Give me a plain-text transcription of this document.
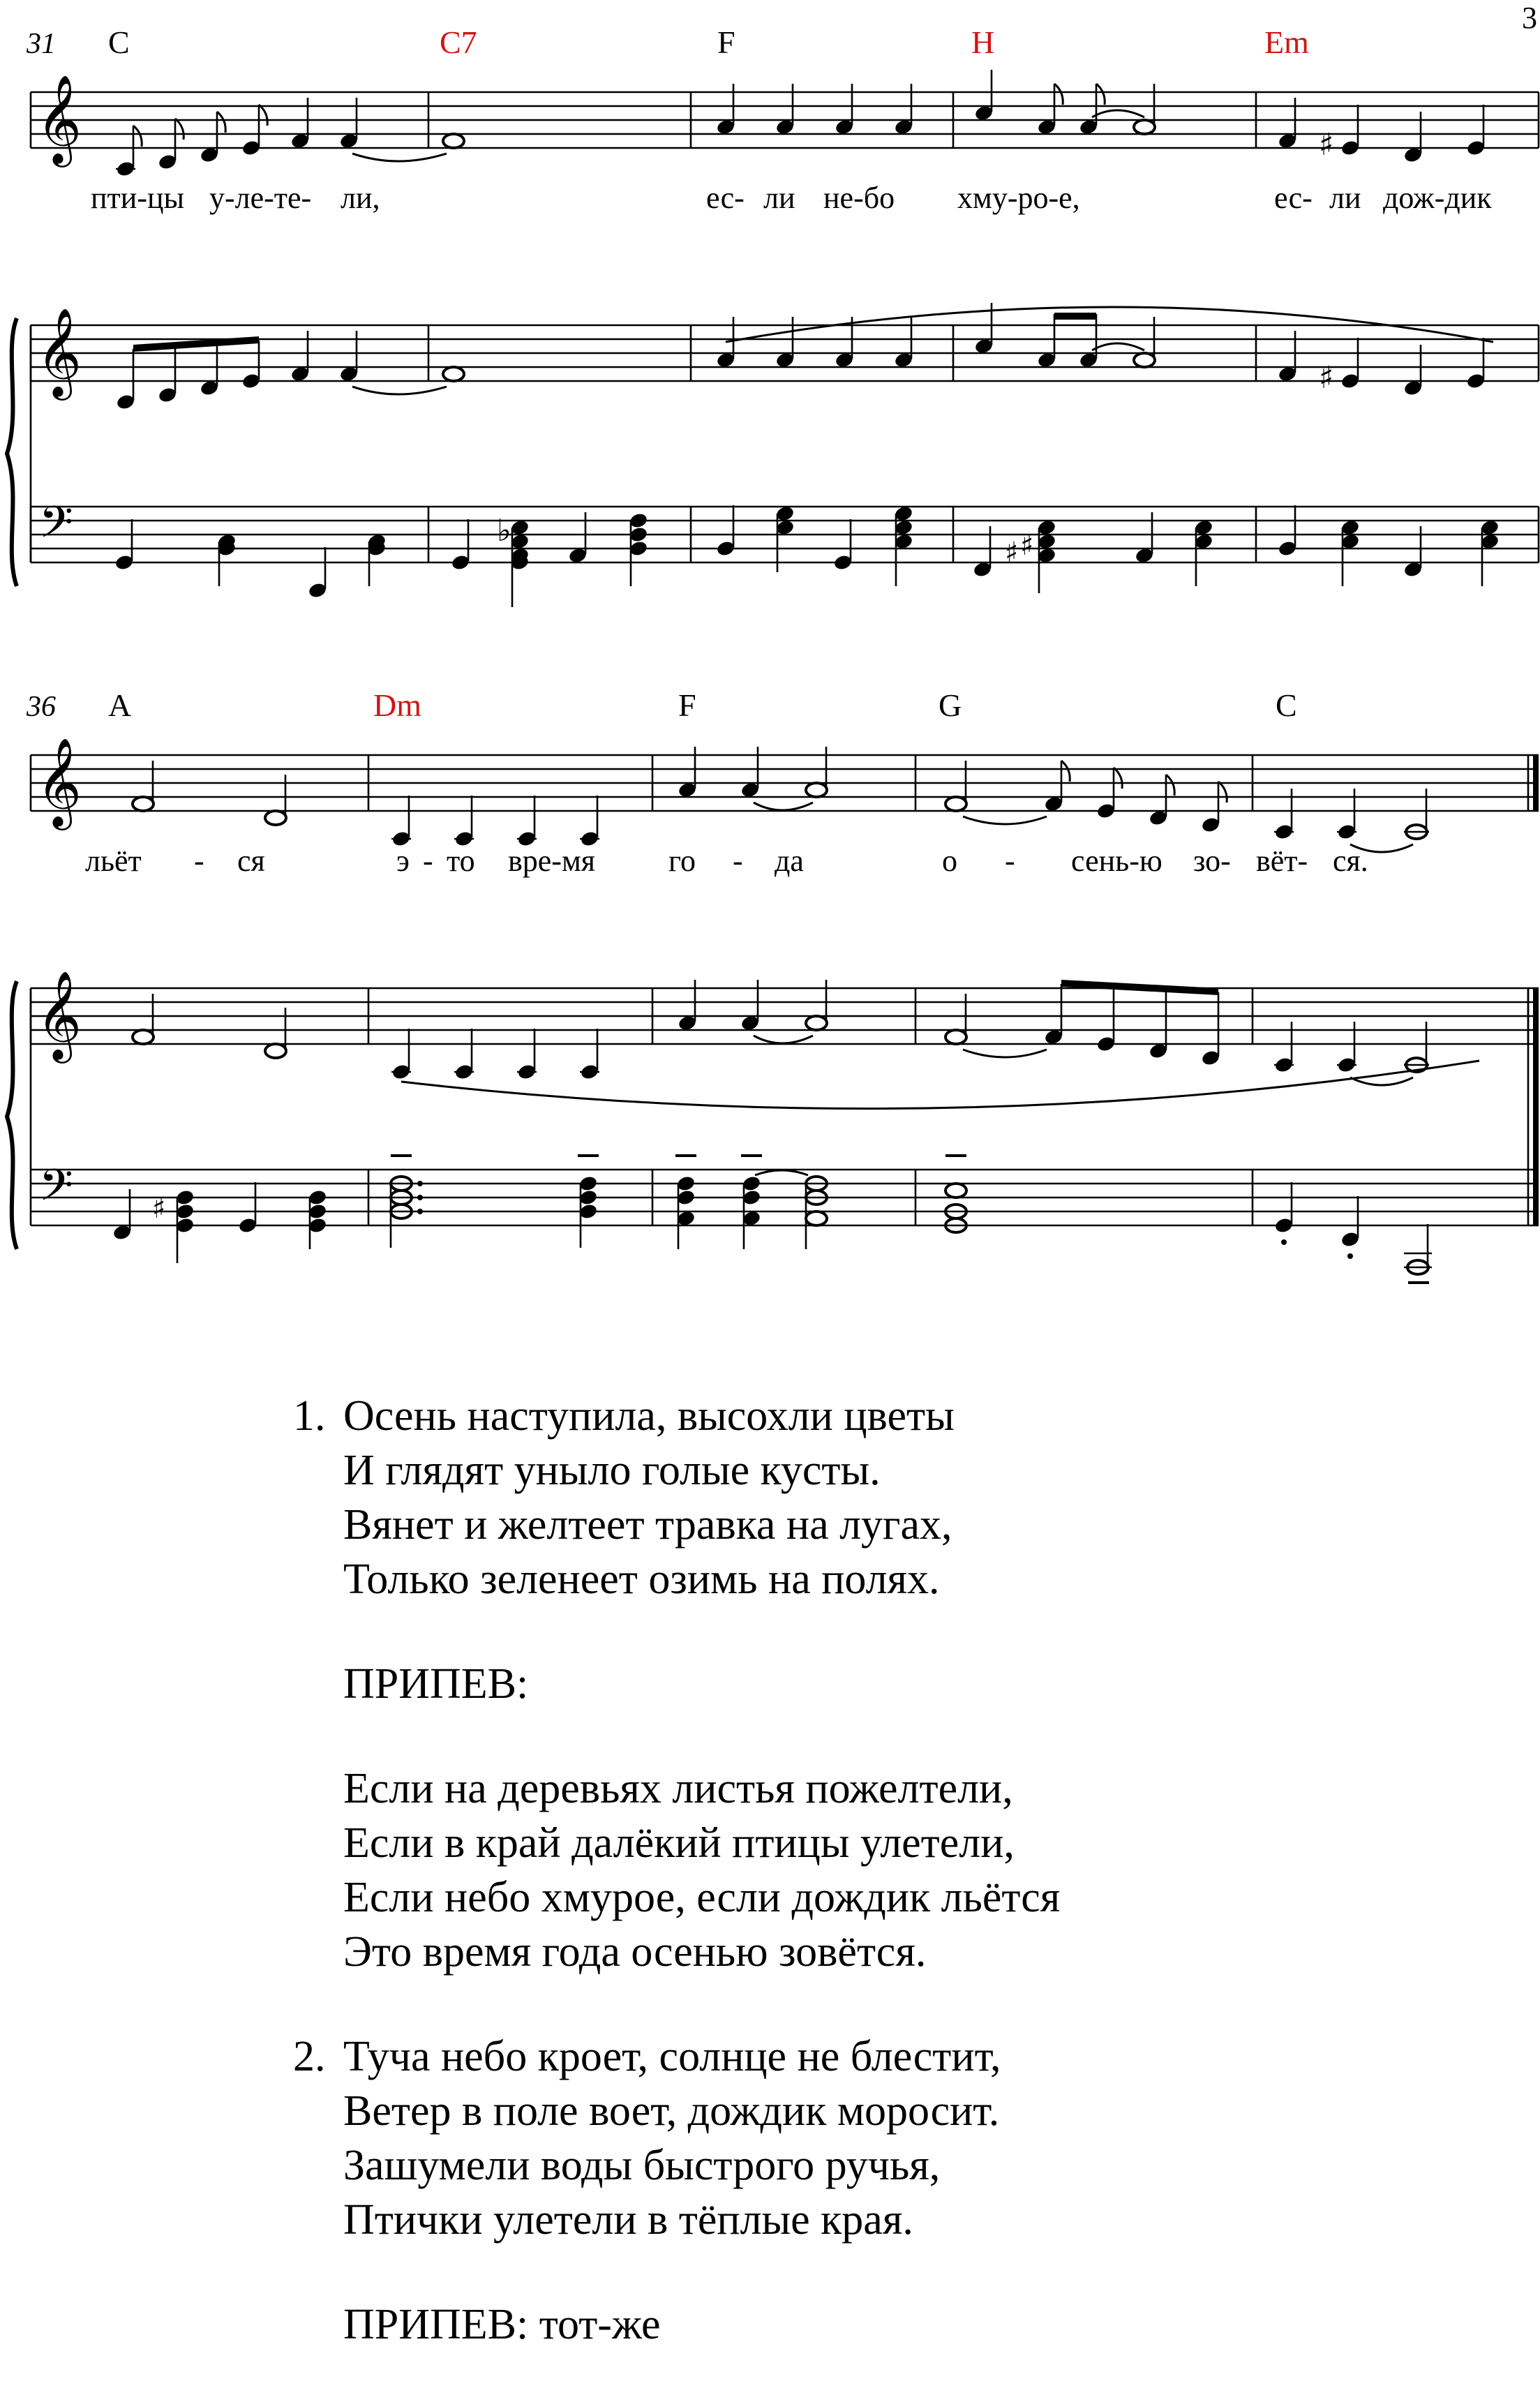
3
31 C	C7	F	H	Em
𝄞	♯
пти-цы у-ле-те- ли,	ес- ли не-бо хму-ро-е,	ес- ли дож-дик
𝄞	♯
𝄢	♭
♯ ♯
36 A	Dm	F	G	C
𝄞
льёт - ся	э - то вре-мя го - да	о - сень-ю зо- вёт- ся.
𝄞
𝄢	♯
1. Осень наступила, высохли цветы
И глядят уныло голые кусты.
Вянет и желтеет травка на лугах,
Только зеленеет озимь на полях.
ПРИПЕВ:
Если на деревьях листья пожелтели,
Если в край далёкий птицы улетели,
Если небо хмурое, если дождик льётся
Это время года осенью зовётся.
2. Туча небо кроет, солнце не блестит,
Ветер в поле воет, дождик моросит.
Зашумели воды быстрого ручья,
Птички улетели в тёплые края.
ПРИПЕВ: тот-же
